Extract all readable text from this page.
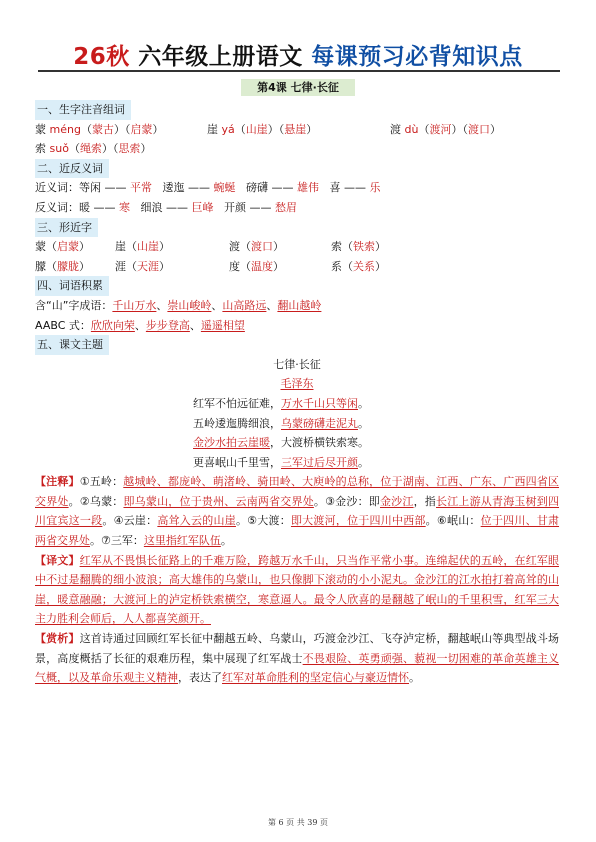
26秋 六年级上册语文 每课预习必背知识点
第4课 七律·长征
一、生字注音组词
蒙 méng（蒙古）（启蒙）	崖 yá（山崖）（悬崖）	渡 dù（渡河）（渡口）
索 suǒ（绳索）（思索）
二、近反义词
近义词：等闲 —— 平常 逶迤 —— 蜿蜒 磅礴 —— 雄伟 喜 —— 乐
反义词：暖 —— 寒 细浪 —— 巨峰 开颜 —— 愁眉
三、形近字
蒙（启蒙） 崖（山崖）	渡（渡口）	索（铁索）
朦（朦胧） 涯（天涯）	度（温度）	系（关系）
四、词语积累
含“山”字成语：千山万水、崇山峻岭、山高路远、翻山越岭
AABC 式：欣欣向荣、步步登高、遥遥相望
五、课文主题
七律·长征
毛泽东
红军不怕远征难，万水千山只等闲。
五岭逶迤腾细浪，乌蒙磅礴走泥丸。
金沙水拍云崖暖，大渡桥横铁索寒。
更喜岷山千里雪，三军过后尽开颜。
【注释】①五岭：越城岭、都庞岭、萌渚岭、骑田岭、大庾岭的总称，位于湖南、江西、广东、广西四省区交界处。②乌蒙：即乌蒙山，位于贵州、云南两省交界处。③金沙：即金沙江，指长江上游从青海玉树到四川宜宾这一段。④云崖：高耸入云的山崖。⑤大渡：即大渡河，位于四川中西部。⑥岷山：位于四川、甘肃两省交界处。⑦三军：这里指红军队伍。
【译文】红军从不畏惧长征路上的千难万险，跨越万水千山，只当作平常小事。连绵起伏的五岭，在红军眼中不过是翻腾的细小波浪；高大雄伟的乌蒙山，也只像脚下滚动的小小泥丸。金沙江的江水拍打着高耸的山崖，暖意融融；大渡河上的泸定桥铁索横空，寒意逼人。最令人欣喜的是翻越了岷山的千里积雪，红军三大主力胜利会师后，人人都喜笑颜开。
【赏析】这首诗通过回顾红军长征中翻越五岭、乌蒙山，巧渡金沙江、飞夺泸定桥，翻越岷山等典型战斗场景，高度概括了长征的艰难历程，集中展现了红军战士不畏艰险、英勇顽强、藐视一切困难的革命英雄主义气概，以及革命乐观主义精神，表达了红军对革命胜利的坚定信心与豪迈情怀。
第 6 页 共 39 页
